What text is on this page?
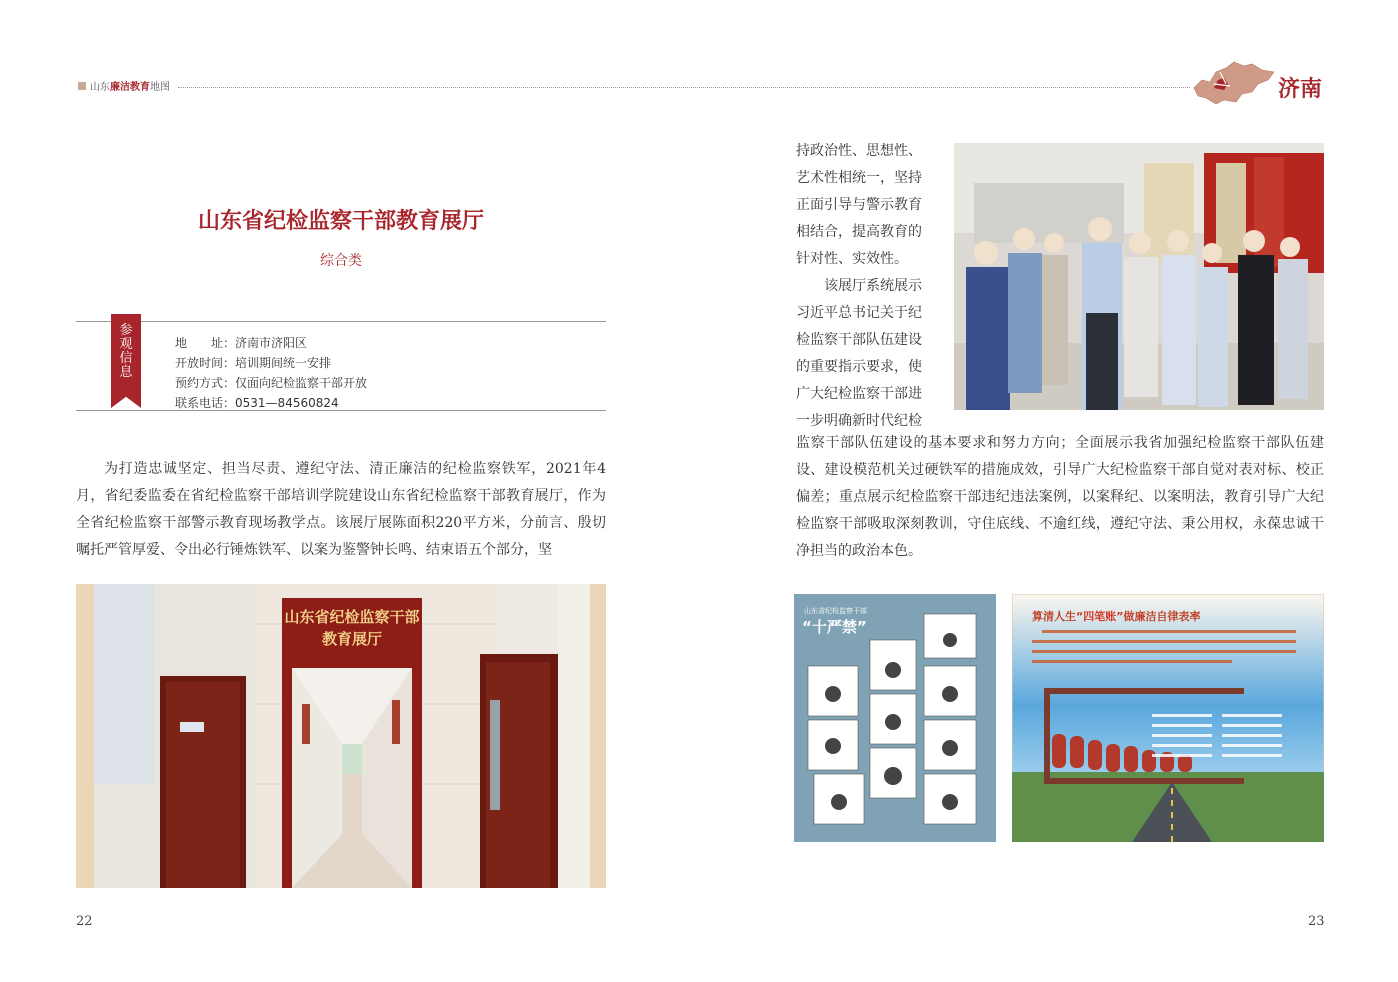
山东廉洁教育地图	济南
山东省纪检监察干部教育展厅
综合类
参
观
信
息
地　　址：济南市济阳区
开放时间：培训期间统一安排
预约方式：仅面向纪检监察干部开放
联系电话：0531—84560824
为打造忠诚坚定、担当尽责、遵纪守法、清正廉洁的纪检监察铁军，2021年4月，省纪委监委在省纪检监察干部培训学院建设山东省纪检监察干部教育展厅，作为全省纪检监察干部警示教育现场教学点。该展厅展陈面积220平方米，分前言、殷切嘱托严管厚爱、令出必行锤炼铁军、以案为鉴警钟长鸣、结束语五个部分，坚
山东省纪检监察干部
教育展厅
持政治性、思想性、
艺术性相统一，坚持
正面引导与警示教育
相结合，提高教育的
针对性、实效性。
　　该展厅系统展示
习近平总书记关于纪
检监察干部队伍建设
的重要指示要求，使
广大纪检监察干部进
一步明确新时代纪检
监察干部队伍建设的基本要求和努力方向；全面展示我省加强纪检监察干部队伍建设、建设模范机关过硬铁军的措施成效，引导广大纪检监察干部自觉对表对标、校正偏差；重点展示纪检监察干部违纪违法案例，以案释纪、以案明法，教育引导广大纪检监察干部吸取深刻教训，守住底线、不逾红线，遵纪守法、秉公用权，永葆忠诚干净担当的政治本色。
山东省纪检监察干部
“十严禁”
算清人生“四笔账”做廉洁自律表率
22	23
